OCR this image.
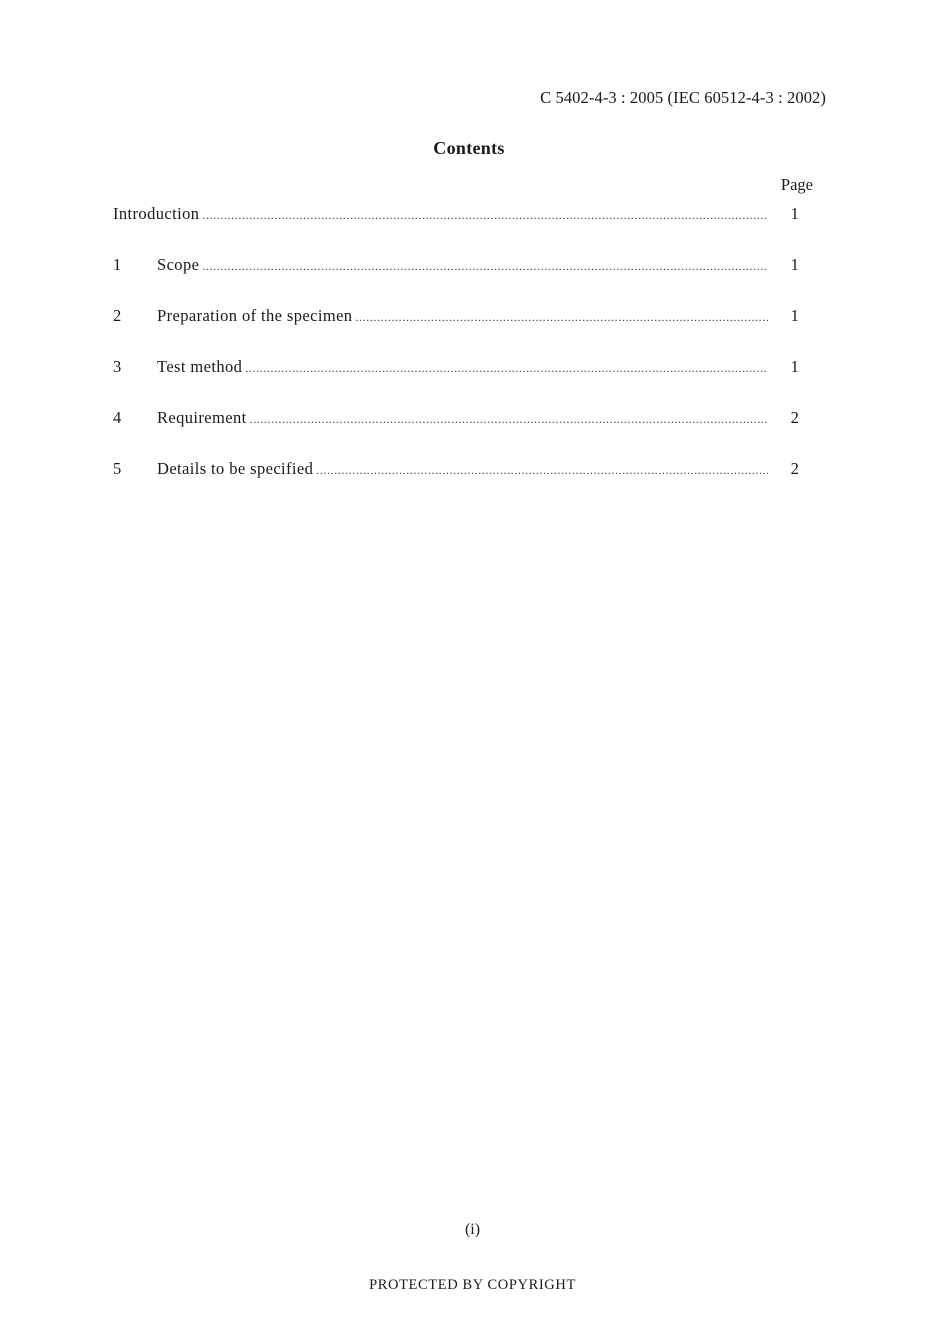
C 5402-4-3 : 2005 (IEC 60512-4-3 : 2002)
Contents
Page
Introduction .....	1
1	Scope .....	1
2	Preparation of the specimen .....	1
3	Test method .....	1
4	Requirement .....	2
5	Details to be specified .....	2
(i)
PROTECTED BY COPYRIGHT
